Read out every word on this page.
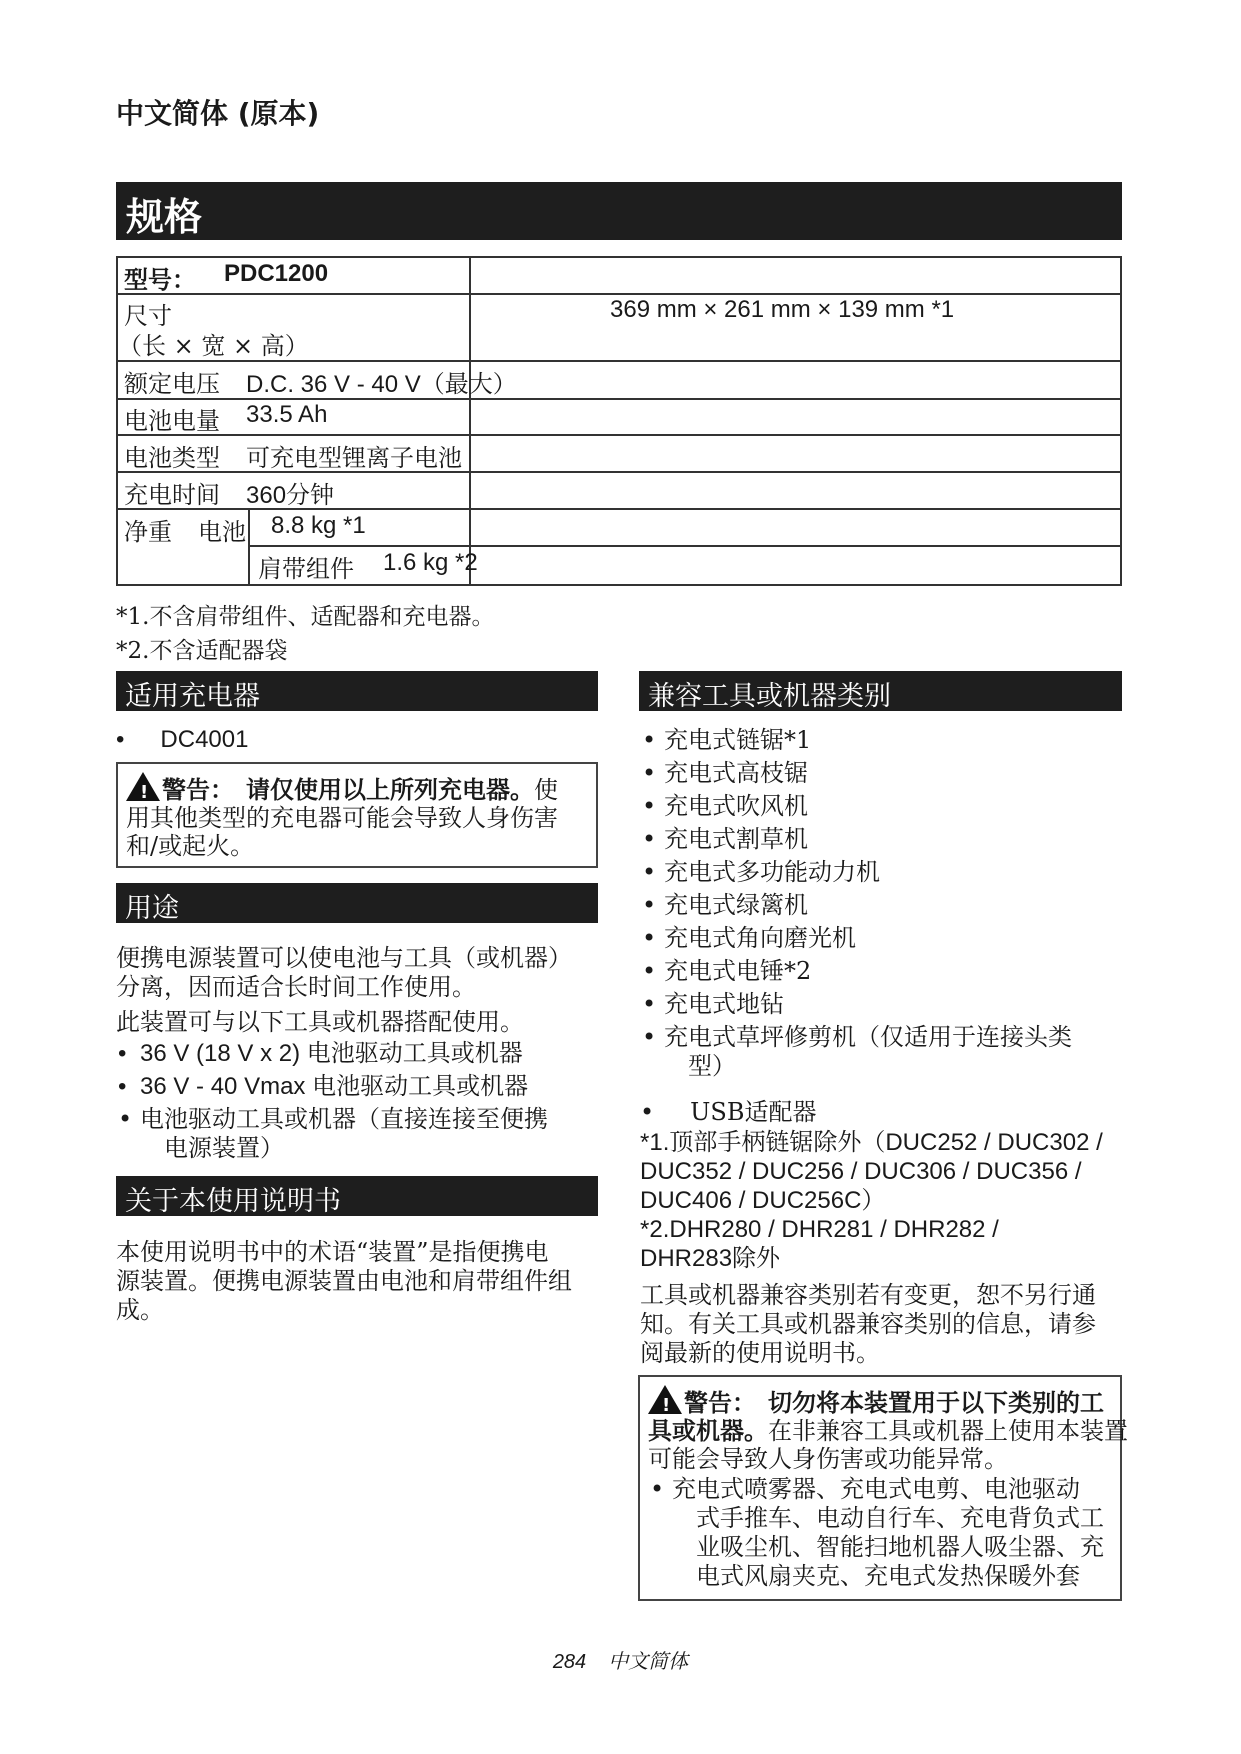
中文简体 (原本)
规格
型号： PDC1200
尺寸
（长 × 宽 × 高）
369 mm × 261 mm × 139 mm *1
额定电压 D.C. 36 V - 40 V（最大）
电池电量 33.5 Ah
电池类型 可充电型锂离子电池
充电时间 360分钟
净重 电池 8.8 kg *1
肩带组件 1.6 kg *2
*1.不含肩带组件、适配器和充电器。
*2.不含适配器袋
适用充电器
• DC4001
!警告： 请仅使用以上所列充电器。使
用其他类型的充电器可能会导致人身伤害
和/或起火。
用途
便携电源装置可以使电池与工具（或机器）
分离，因而适合长时间工作使用。
此装置可与以下工具或机器搭配使用。
• 36 V (18 V x 2) 电池驱动工具或机器
• 36 V - 40 Vmax 电池驱动工具或机器
• 电池驱动工具或机器（直接连接至便携
电源装置）
关于本使用说明书
本使用说明书中的术语“装置”是指便携电
源装置。便携电源装置由电池和肩带组件组
成。
兼容工具或机器类别
• 充电式链锯*1
• 充电式高枝锯
• 充电式吹风机
• 充电式割草机
• 充电式多功能动力机
• 充电式绿篱机
• 充电式角向磨光机
• 充电式电锤*2
• 充电式地钻
• 充电式草坪修剪机（仅适用于连接头类
型）
• USB适配器
*1.顶部手柄链锯除外（DUC252 / DUC302 /
DUC352 / DUC256 / DUC306 / DUC356 /
DUC406 / DUC256C）
*2.DHR280 / DHR281 / DHR282 /
DHR283除外
工具或机器兼容类别若有变更，恕不另行通
知。有关工具或机器兼容类别的信息，请参
阅最新的使用说明书。
!警告： 切勿将本装置用于以下类别的工
具或机器。在非兼容工具或机器上使用本装置
可能会导致人身伤害或功能异常。
• 充电式喷雾器、充电式电剪、电池驱动
式手推车、电动自行车、充电背负式工
业吸尘机、智能扫地机器人吸尘器、充
电式风扇夹克、充电式发热保暖外套
284 中文简体
